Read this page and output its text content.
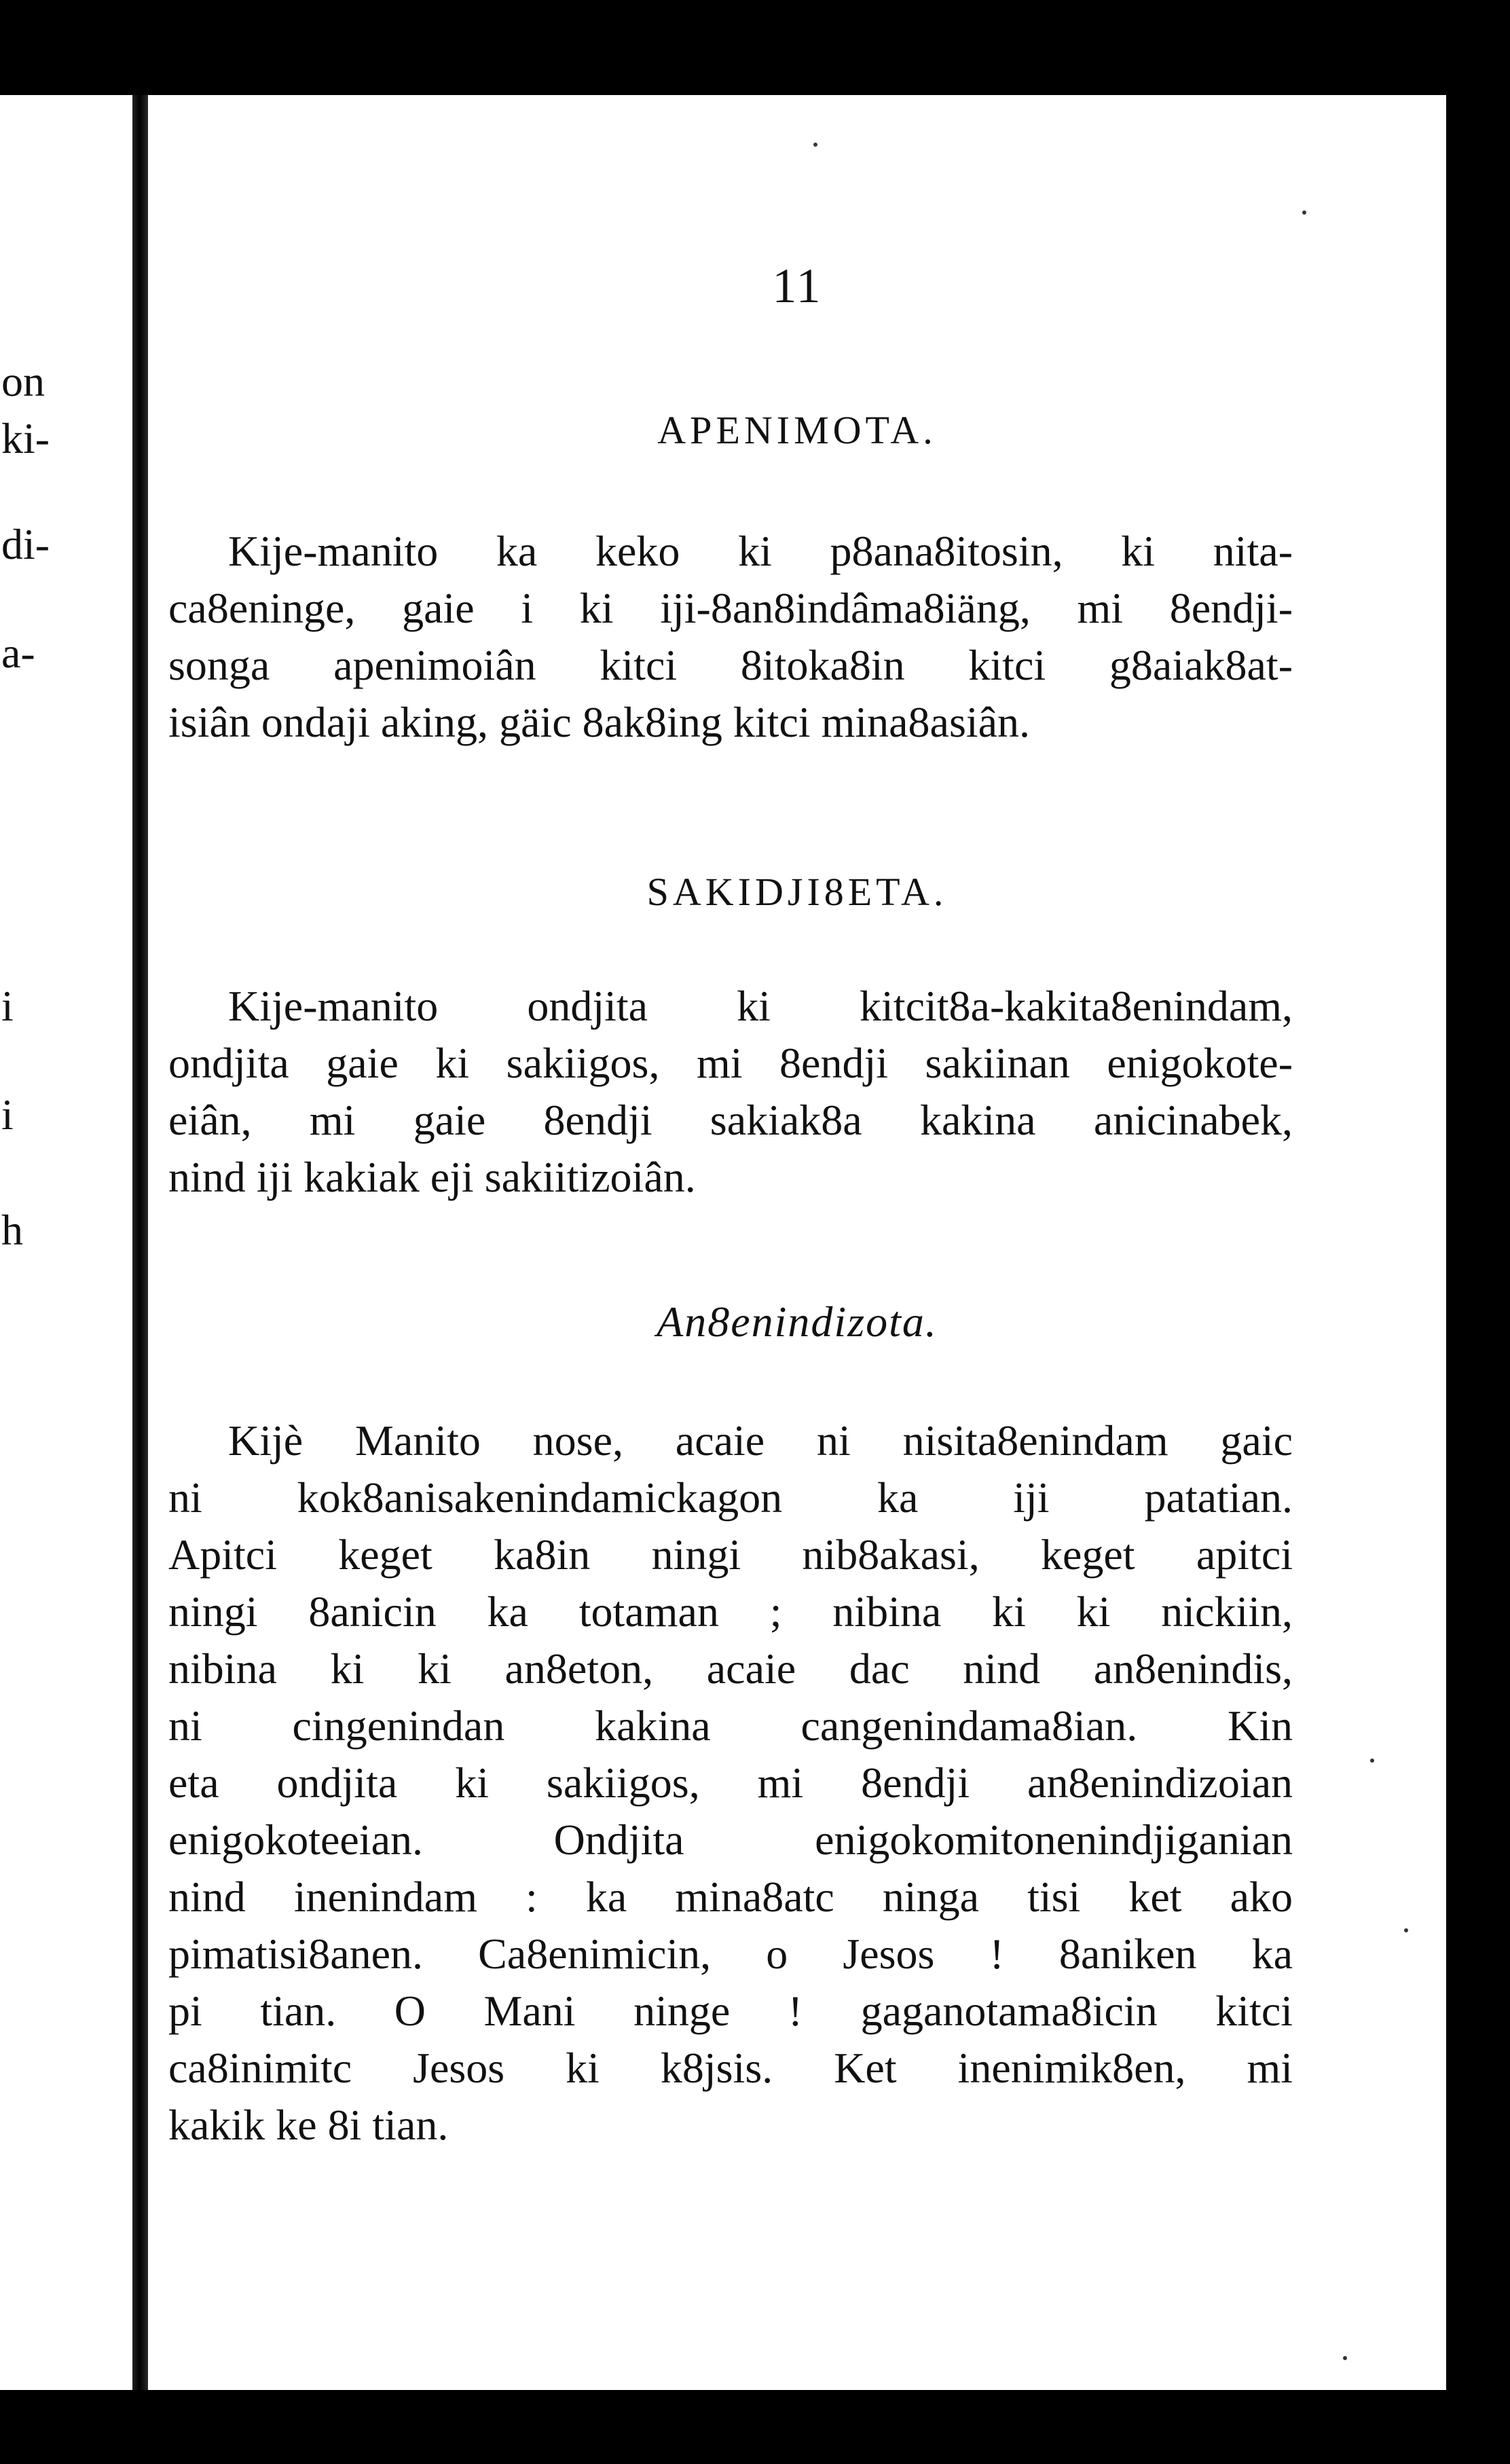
on
ki-
di-
a-
i
i
h
11
APENIMOTA.
Kije-manito ka keko ki p8ana8itosin, ki nita-
ca8eninge, gaie i ki iji-8an8indâma8iäng, mi 8endji-
songa apenimoiân kitci 8itoka8in kitci g8aiak8at-
isiân ondaji aking, gäic 8ak8ing kitci mina8asiân.
SAKIDJI8ETA.
Kije-manito ondjita ki kitcit8a-kakita8enindam,
ondjita gaie ki sakiigos, mi 8endji sakiinan enigokote-
eiân, mi gaie 8endji sakiak8a kakina anicinabek,
nind iji kakiak eji sakiitizoiân.
An8enindizota.
Kijè Manito nose, acaie ni nisita8enindam gaic
ni kok8anisakenindamickagon ka iji patatian.
Apitci keget ka8in ningi nib8akasi, keget apitci
ningi 8anicin ka totaman ; nibina ki ki nickiin,
nibina ki ki an8eton, acaie dac nind an8enindis,
ni cingenindan kakina cangenindama8ian. Kin
eta ondjita ki sakiigos, mi 8endji an8enindizoian
enigokoteeian. Ondjita enigokomitonenindjiganian
nind inenindam : ka mina8atc ninga tisi ket ako
pimatisi8anen. Ca8enimicin, o Jesos ! 8aniken ka
pi tian. O Mani ninge ! gaganotama8icin kitci
ca8inimitc Jesos ki k8jsis. Ket inenimik8en, mi
kakik ke 8i tian.
